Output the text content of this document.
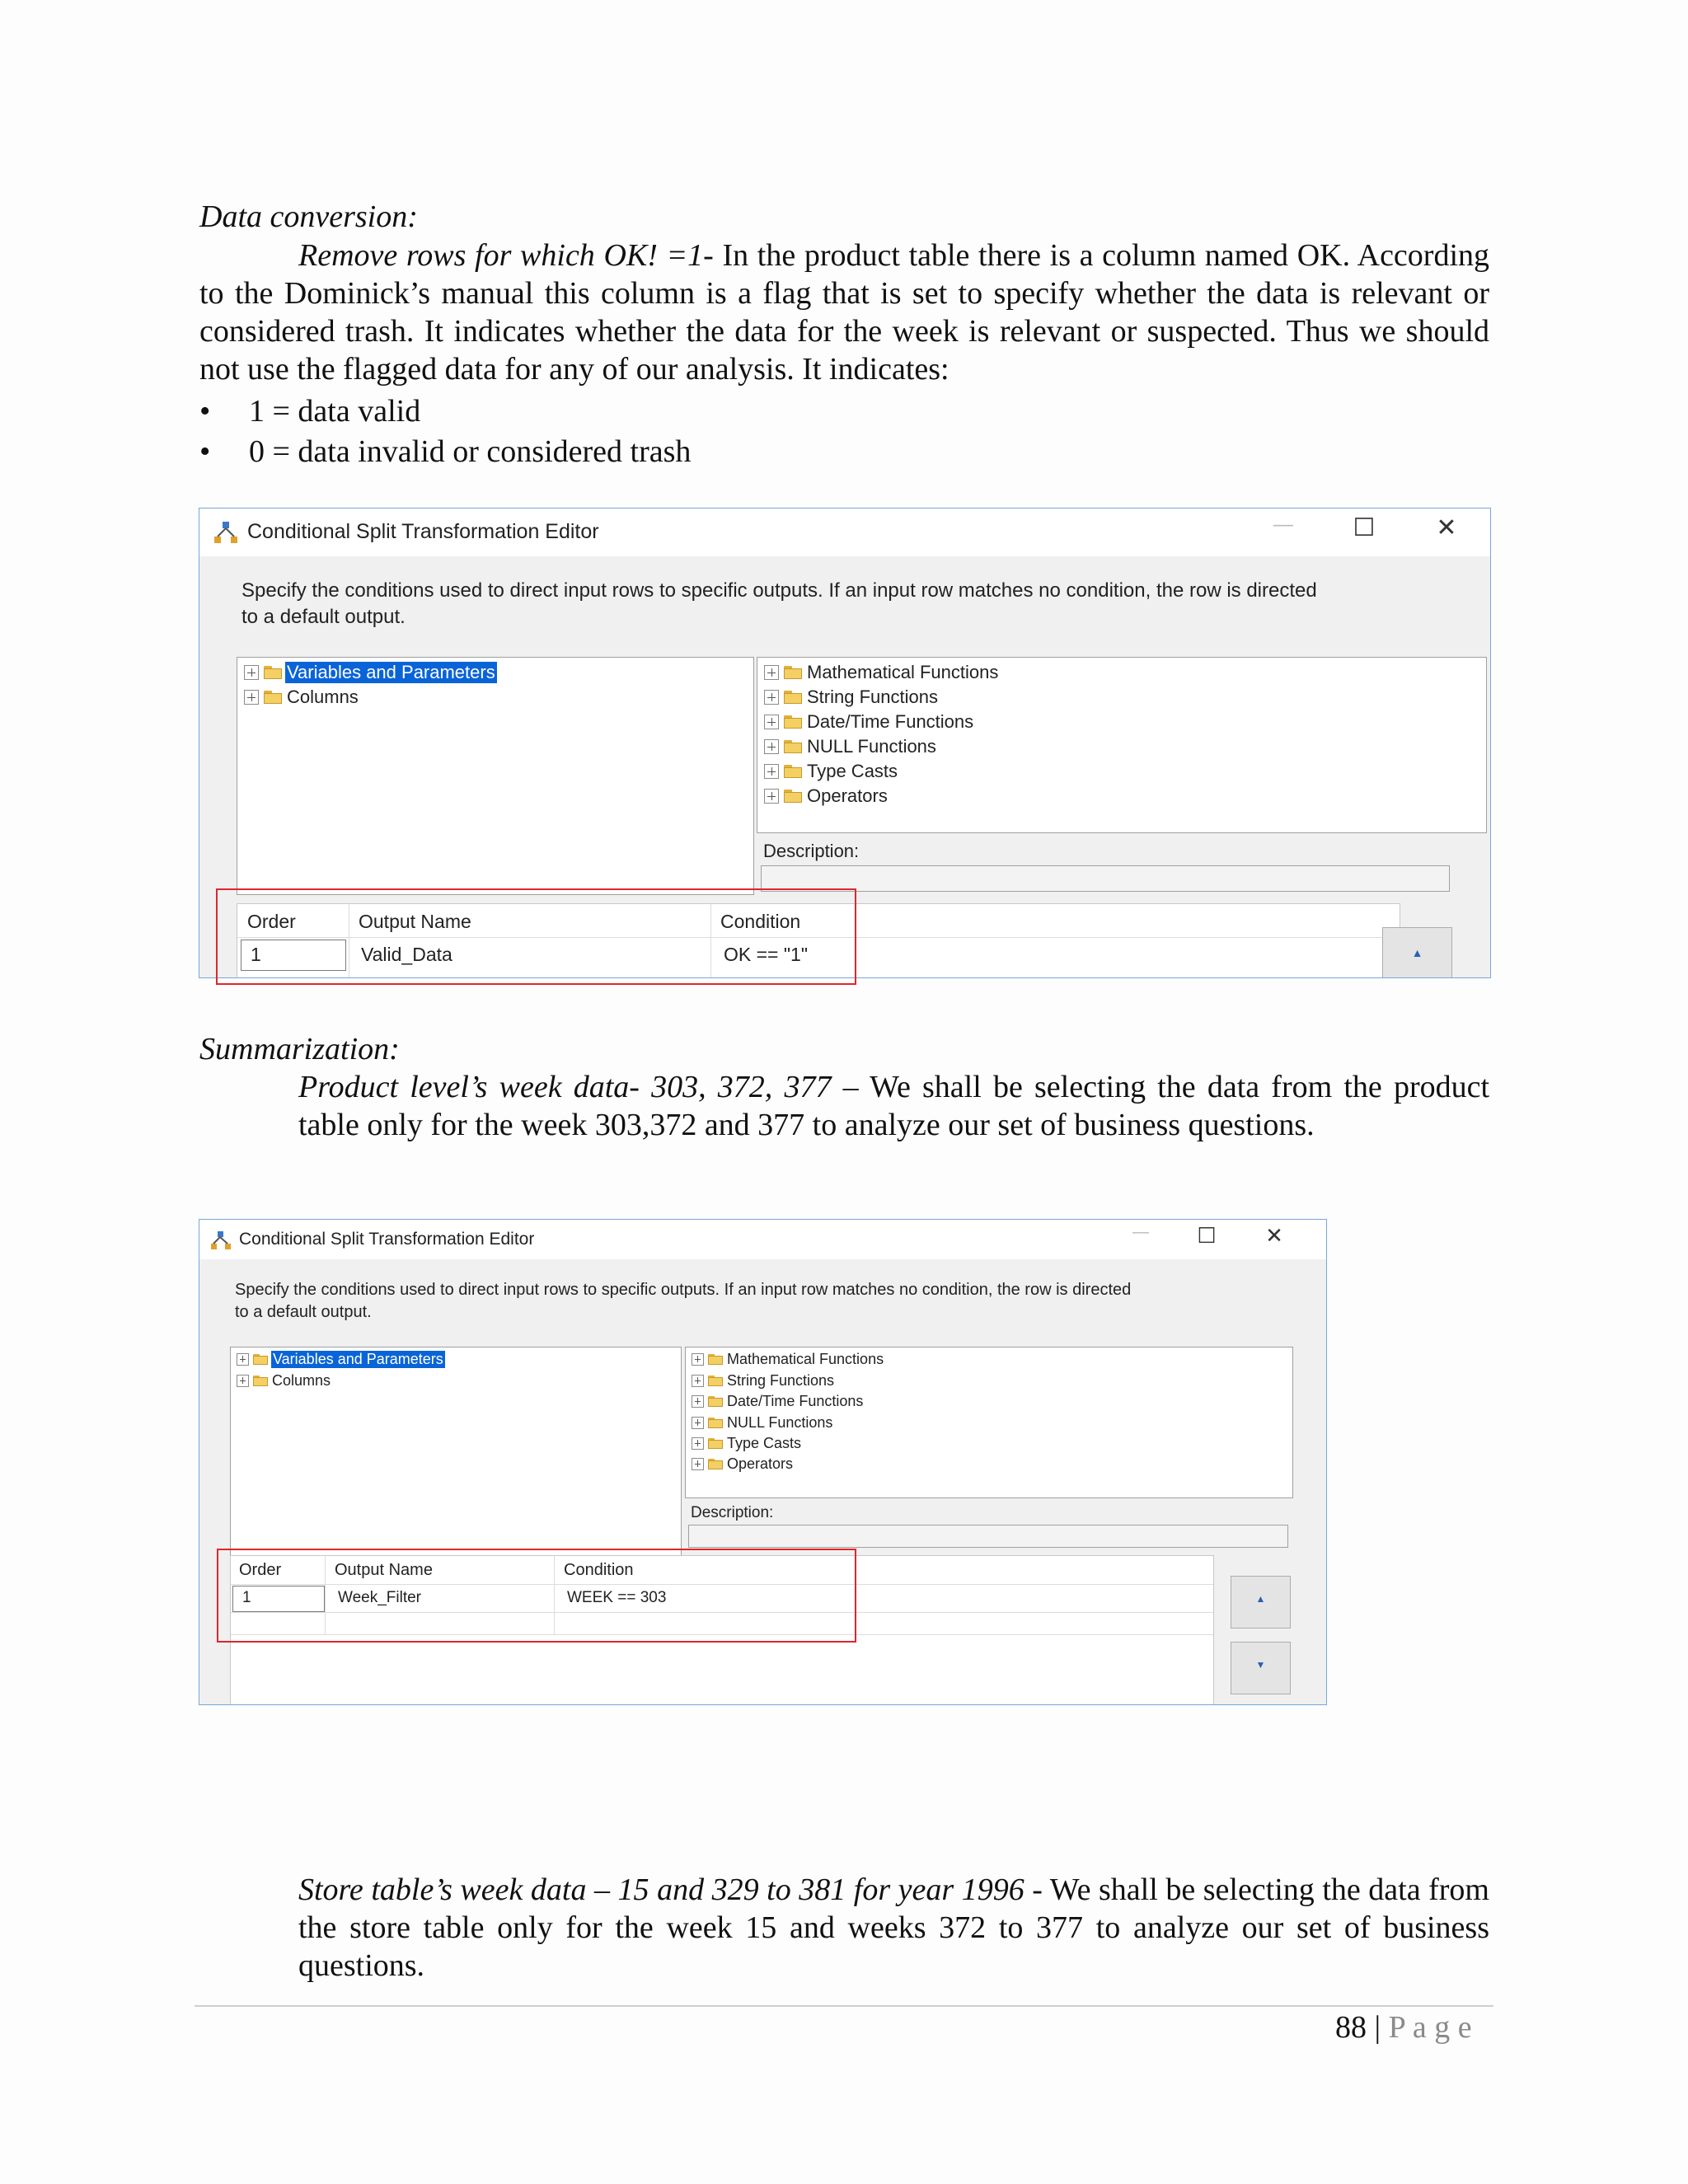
Data conversion:
Remove rows for which OK! =1- In the product table there is a column named OK. According to the Dominick’s manual this column is a flag that is set to specify whether the data is relevant or considered trash. It indicates whether the data for the week is relevant or suspected. Thus we should not use the flagged data for any of our analysis. It indicates:
• 1 = data valid
• 0 = data invalid or considered trash
Conditional Split Transformation Editor	—	☐	✕
Specify the conditions used to direct input rows to specific outputs. If an input row matches no condition, the row is directed
to a default output.
Variables and Parameters
Columns
Mathematical Functions
String Functions
Date/Time Functions
NULL Functions
Type Casts
Operators
Description:
Order	Output Name	Condition
1	Valid_Data	OK == "1"	▲
Summarization:
Product level’s week data- 303, 372, 377 – We shall be selecting the data from the product table only for the week 303,372 and 377 to analyze our set of business questions.
Conditional Split Transformation Editor	—	☐	✕
Specify the conditions used to direct input rows to specific outputs. If an input row matches no condition, the row is directed
to a default output.
Variables and Parameters
Columns
Mathematical Functions
String Functions
Date/Time Functions
NULL Functions
Type Casts
Operators
Description:
Order	Output Name	Condition
1	Week_Filter	WEEK == 303	▲
▼
Store table’s week data – 15 and 329 to 381 for year 1996 - We shall be selecting the data from the store table only for the week 15 and weeks 372 to 377 to analyze our set of business questions.
88 | P a g e
